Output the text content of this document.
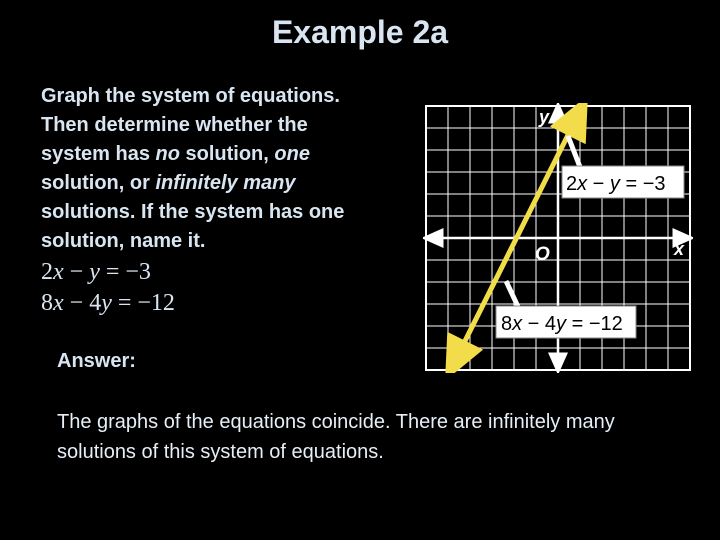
Example 2a
Graph the system of equations.
Then determine whether the
system has no solution, one
solution, or infinitely many
solutions. If the system has one
solution, name it.
2x − y = −3
8x − 4y = −12
2x − y = −3
8x − 4y = −12
y
x
O
Answer:
The graphs of the equations coincide. There are infinitely many solutions of this system of equations.
